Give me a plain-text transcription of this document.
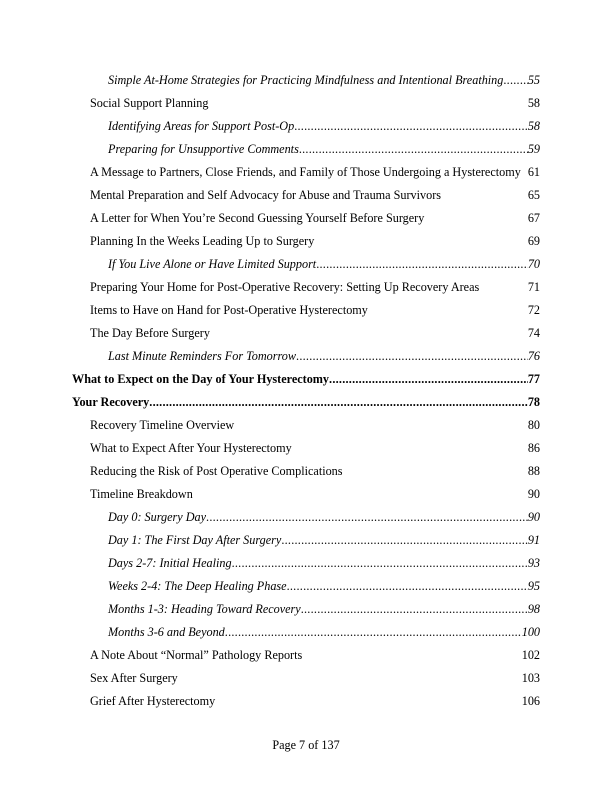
Simple At-Home Strategies for Practicing Mindfulness and Intentional Breathing . . . 55
Social Support Planning	58
Identifying Areas for Support Post-Op . . .	58
Preparing for Unsupportive Comments . . .	59
A Message to Partners, Close Friends, and Family of Those Undergoing a Hysterectomy 61
Mental Preparation and Self Advocacy for Abuse and Trauma Survivors	65
A Letter for When You’re Second Guessing Yourself Before Surgery	67
Planning In the Weeks Leading Up to Surgery	69
If You Live Alone or Have Limited Support . . .	70
Preparing Your Home for Post-Operative Recovery: Setting Up Recovery Areas	71
Items to Have on Hand for Post-Operative Hysterectomy	72
The Day Before Surgery	74
Last Minute Reminders For Tomorrow . . .	76
What to Expect on the Day of Your Hysterectomy . . .	77
Your Recovery . . .	78
Recovery Timeline Overview	80
What to Expect After Your Hysterectomy	86
Reducing the Risk of Post Operative Complications	88
Timeline Breakdown	90
Day 0: Surgery Day . . .	90
Day 1: The First Day After Surgery . . .	91
Days 2-7: Initial Healing . . .	93
Weeks 2-4: The Deep Healing Phase . . .	95
Months 1-3: Heading Toward Recovery . . .	98
Months 3-6 and Beyond . . .	100
A Note About “Normal” Pathology Reports	102
Sex After Surgery	103
Grief After Hysterectomy	106
Page 7 of 137
